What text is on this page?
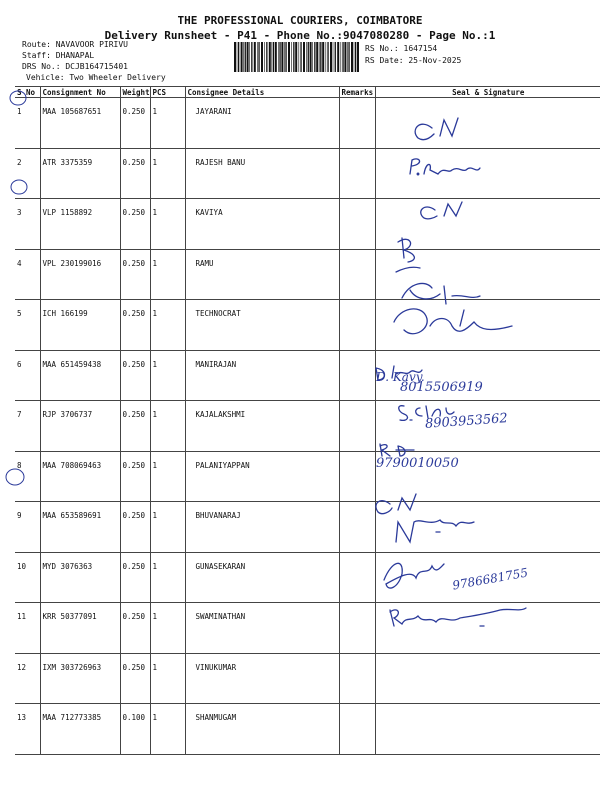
THE PROFESSIONAL COURIERS, COIMBATORE
Delivery Runsheet - P41 - Phone No.:9047080280 - Page No.:1
Route: NAVAVOOR PIRIVU
Staff: DHANAPAL
DRS No.: DCJB164715401
Vehicle: Two Wheeler Delivery
RS No.: 1647154
RS Date: 25-Nov-2025
S No	Consignment No	Weight	PCS	Consignee Details	Remarks	Seal & Signature
1	MAA 105687651	0.250	1	JAYARANI		
2	ATR 3375359	0.250	1	RAJESH BANU		
3	VLP 1158892	0.250	1	KAVIYA		
4	VPL 230199016	0.250	1	RAMU		
5	ICH 166199	0.250	1	TECHNOCRAT		
6	MAA 651459438	0.250	1	MANIRAJAN		
7	RJP 3706737	0.250	1	KAJALAKSHMI		
8	MAA 708069463	0.250	1	PALANIYAPPAN		
9	MAA 653589691	0.250	1	BHUVANARAJ		
10	MYD 3076363	0.250	1	GUNASEKARAN		
11	KRR 50377091	0.250	1	SWAMINATHAN		
12	IXM 303726963	0.250	1	VINUKUMAR		
13	MAA 712773385	0.100	1	SHANMUGAM		
D. Kavy.
8015506919
8903953562
9790010050
9786681755
